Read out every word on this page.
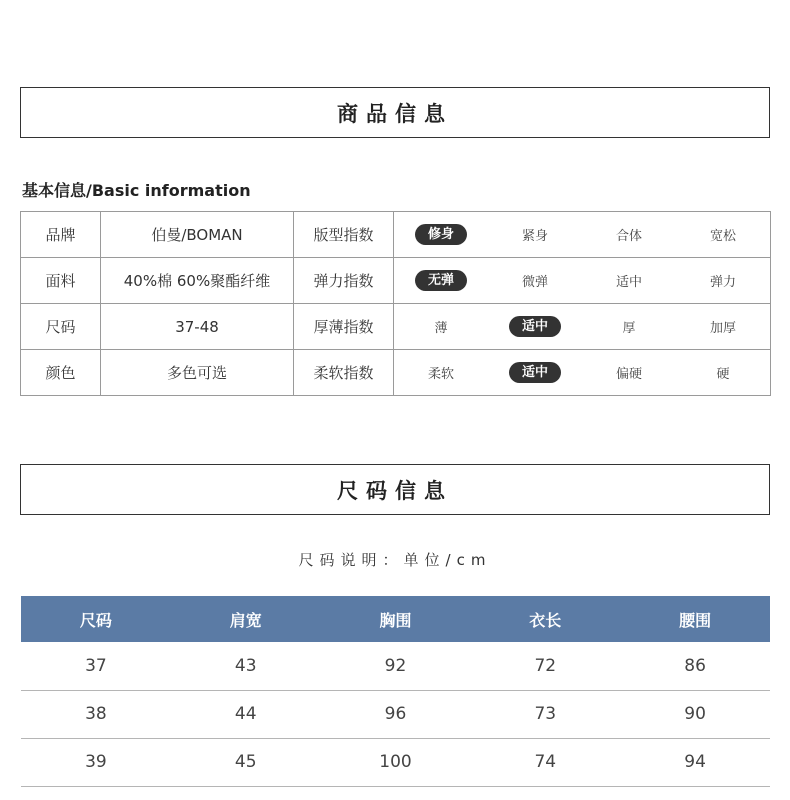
商品信息
基本信息/Basic information
品牌	伯曼/BOMAN	版型指数	修身 紧身 合体 宽松

面料	40%棉 60%聚酯纤维	弹力指数	无弹 微弹 适中 弹力

尺码	37-48	厚薄指数	薄 适中 厚 加厚

颜色	多色可选	柔软指数	柔软 适中 偏硬 硬
尺码信息
尺码说明：单位/cm
尺码	肩宽	胸围	衣长	腰围
37	43	92	72	86
38	44	96	73	90
39	45	100	74	94
